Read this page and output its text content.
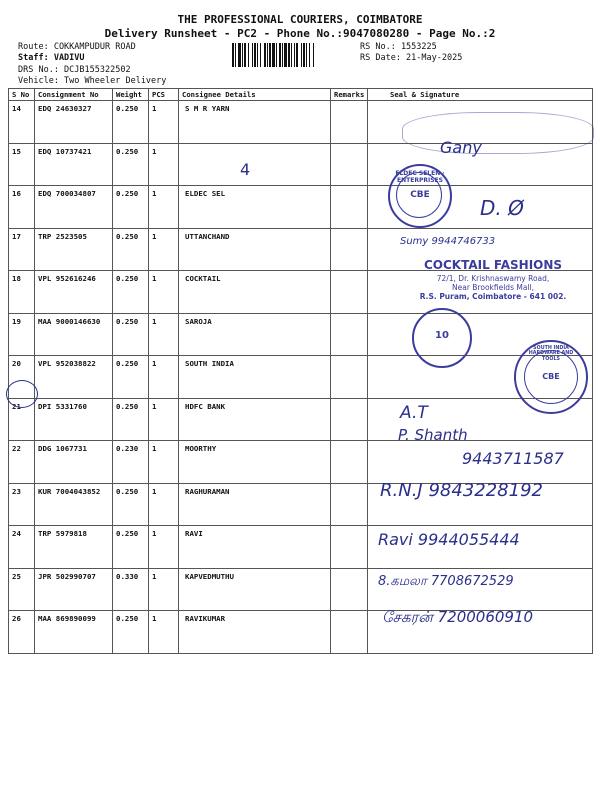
THE PROFESSIONAL COURIERS, COIMBATORE
Delivery Runsheet - PC2 - Phone No.:9047080280 - Page No.:2
Route: COKKAMPUDUR ROAD
Staff: VADIVU
DRS No.: DCJB155322502
Vehicle: Two Wheeler Delivery
RS No.: 1553225
RS Date: 21-May-2025
S No	Consignment No	Weight	PCS	Consignee Details	Remarks	Seal & Signature
14	EDQ 24630327	0.250	1	S M R YARN		
15	EDQ 10737421	0.250	1			
16	EDQ 700034807	0.250	1	ELDEC SEL		
17	TRP 2523505	0.250	1	UTTANCHAND		
18	VPL 952616246	0.250	1	COCKTAIL		
19	MAA 9000146630	0.250	1	SAROJA		
20	VPL 952038822	0.250	1	SOUTH INDIA		
21	DPI 5331760	0.250	1	HDFC BANK		
22	DDG 1067731	0.230	1	MOORTHY		
23	KUR 7004043852	0.250	1	RAGHURAMAN		
24	TRP 5979818	0.250	1	RAVI		
25	JPR 502990707	0.330	1	KAPVEDMUTHU		
26	MAA 869890099	0.250	1	RAVIKUMAR		
ELDEC SELEN · ENTERPRISES
CBE
COCKTAIL FASHIONS
72/1, Dr. Krishnaswamy Road,
Near Brookfields Mall,
R.S. Puram, Coimbatore - 641 002.
10
SOUTH INDIA HARDWARE AND TOOLS
CBE
Gany
4
D. Ø
Sumy 9944746733
A.T
P. Shanth
9443711587
R.N.J 9843228192
Ravi 9944055444
8.கமலா 7708672529
சேகரன் 7200060910
